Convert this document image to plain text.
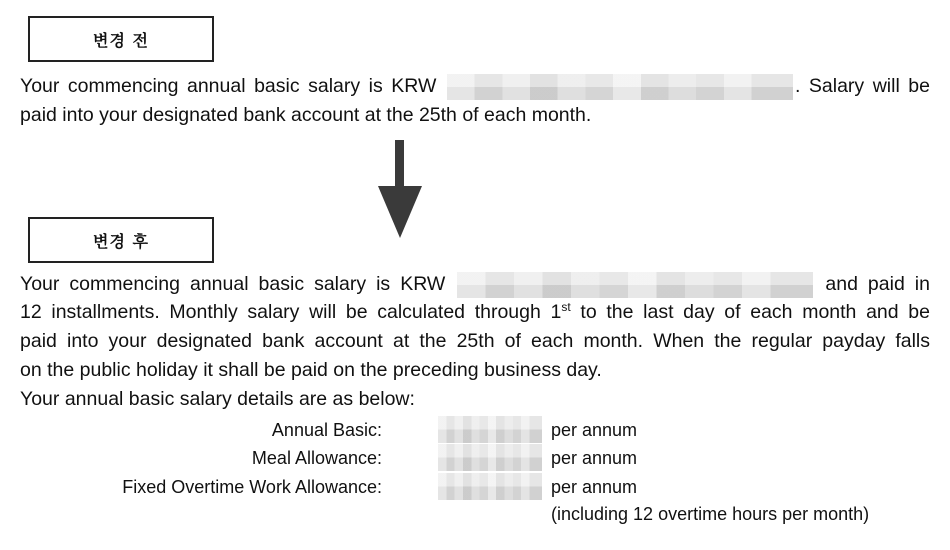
변경 전
Your commencing annual basic salary is KRW	. Salary will be
paid into your designated bank account at the 25th of each month.
변경 후
Your commencing annual basic salary is KRW	and paid in
12 installments. Monthly salary will be calculated through 1st to the last day of each month and be
paid into your designated bank account at the 25th of each month. When the regular payday falls
on the public holiday it shall be paid on the preceding business day.
Your annual basic salary details are as below:
Annual Basic:	per annum
Meal Allowance:	per annum
Fixed Overtime Work Allowance:	per annum
(including 12 overtime hours per month)
